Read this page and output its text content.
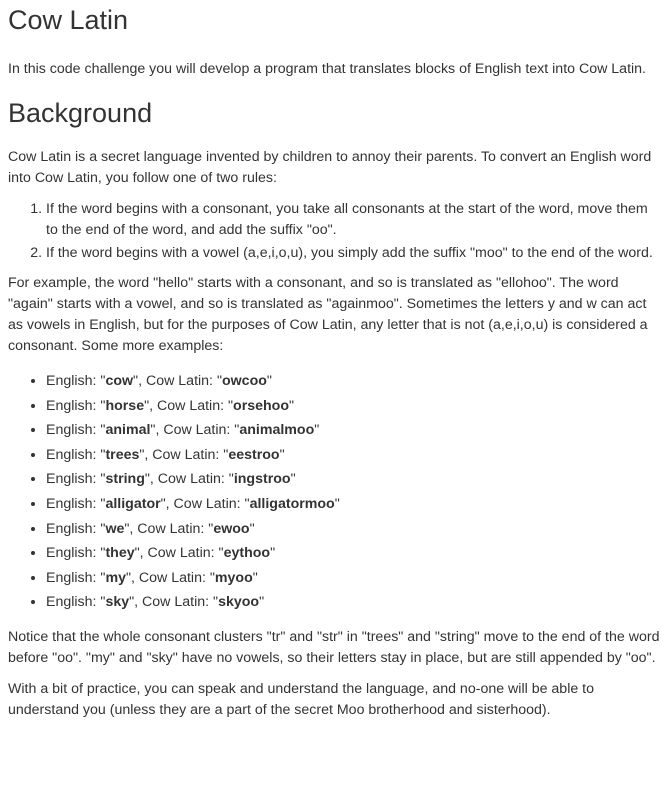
Cow Latin

In this code challenge you will develop a program that translates blocks of English text into Cow Latin.

Background

Cow Latin is a secret language invented by children to annoy their parents. To convert an English word into Cow Latin, you follow one of two rules:

1. If the word begins with a consonant, you take all consonants at the start of the word, move them to the end of the word, and add the suffix "oo".
2. If the word begins with a vowel (a,e,i,o,u), you simply add the suffix "moo" to the end of the word.

For example, the word "hello" starts with a consonant, and so is translated as "ellohoo". The word "again" starts with a vowel, and so is translated as "againmoo". Sometimes the letters y and w can act as vowels in English, but for the purposes of Cow Latin, any letter that is not (a,e,i,o,u) is considered a consonant. Some more examples:

• English: "cow", Cow Latin: "owcoo"
• English: "horse", Cow Latin: "orsehoo"
• English: "animal", Cow Latin: "animalmoo"
• English: "trees", Cow Latin: "eestroo"
• English: "string", Cow Latin: "ingstroo"
• English: "alligator", Cow Latin: "alligatormoo"
• English: "we", Cow Latin: "ewoo"
• English: "they", Cow Latin: "eythoo"
• English: "my", Cow Latin: "myoo"
• English: "sky", Cow Latin: "skyoo"

Notice that the whole consonant clusters "tr" and "str" in "trees" and "string" move to the end of the word before "oo". "my" and "sky" have no vowels, so their letters stay in place, but are still appended by "oo".

With a bit of practice, you can speak and understand the language, and no-one will be able to understand you (unless they are a part of the secret Moo brotherhood and sisterhood).
